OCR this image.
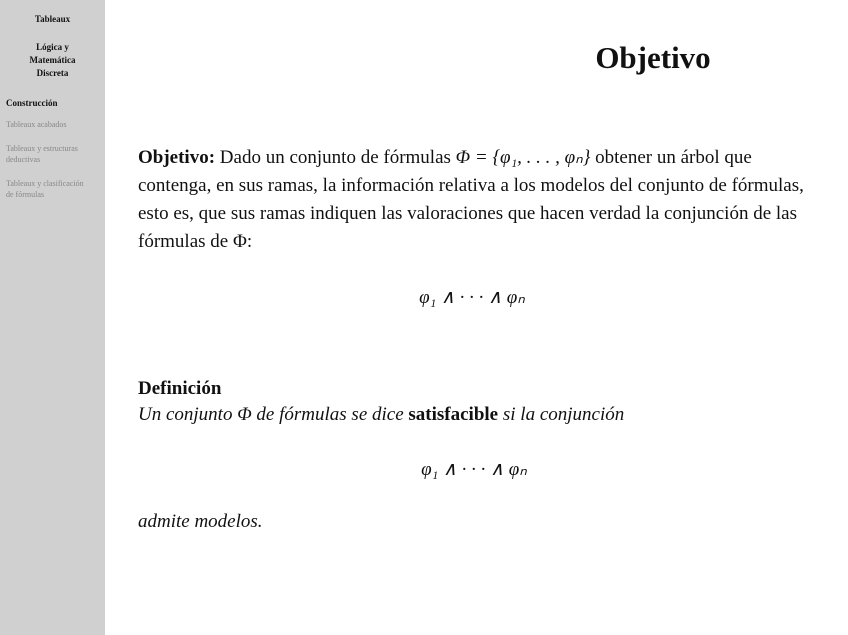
Tableaux
Lógica y Matemática Discreta
Construcción
Tableaux acabados
Tableaux y estructuras deductivas
Tableaux y clasificación de fórmulas
Objetivo

Objetivo: Dado un conjunto de fórmulas Φ = {φ₁, . . . , φₙ} obtener un árbol que contenga, en sus ramas, la información relativa a los modelos del conjunto de fórmulas, esto es, que sus ramas indiquen las valoraciones que hacen verdad la conjunción de las fórmulas de Φ:

φ₁ ∧ · · · ∧ φₙ
Definición
Un conjunto Φ de fórmulas se dice satisfacible si la conjunción
φ₁ ∧ · · · ∧ φₙ
admite modelos.
